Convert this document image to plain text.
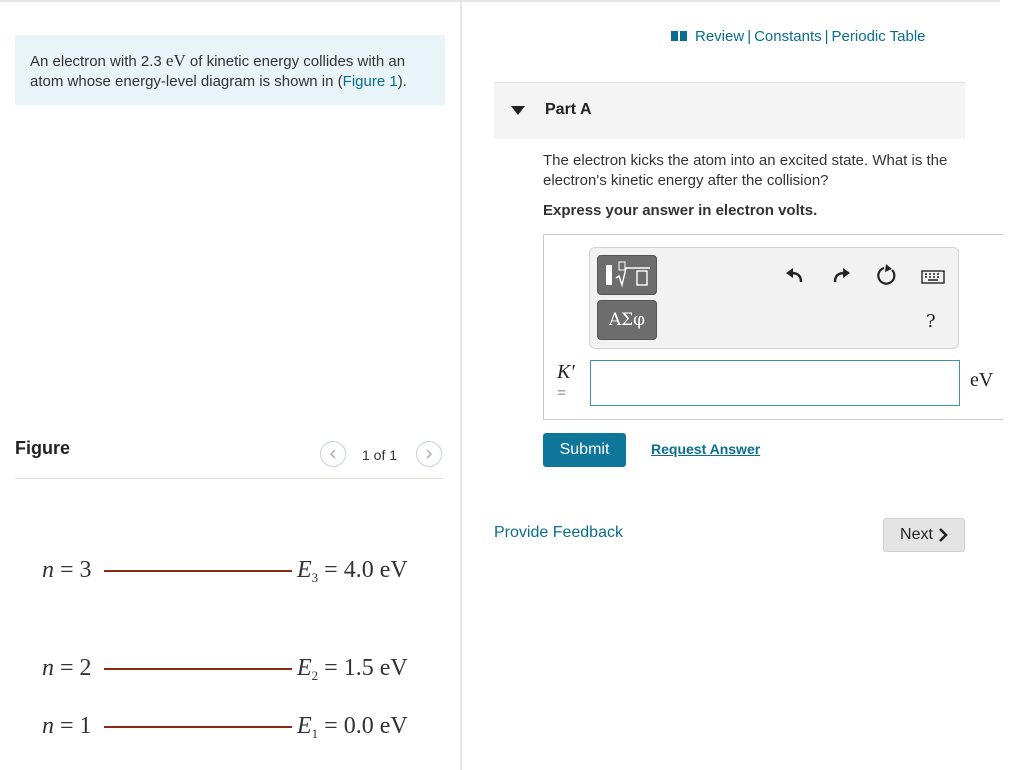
An electron with 2.3 eV of kinetic energy collides with an atom whose energy-level diagram is shown in (Figure 1).
Figure	1 of 1
n = 3	$E_3 = 4.0$ eV
n = 2	$E_2 = 1.5$ eV
n = 1	$E_1 = 0.0$ eV
Review | Constants | Periodic Table
Part A
The electron kicks the atom into an excited state. What is the electron's kinetic energy after the collision?
Express your answer in electron volts.
ΑΣφ	?
K′
=
eV
Submit	Request Answer
Provide Feedback	Next
